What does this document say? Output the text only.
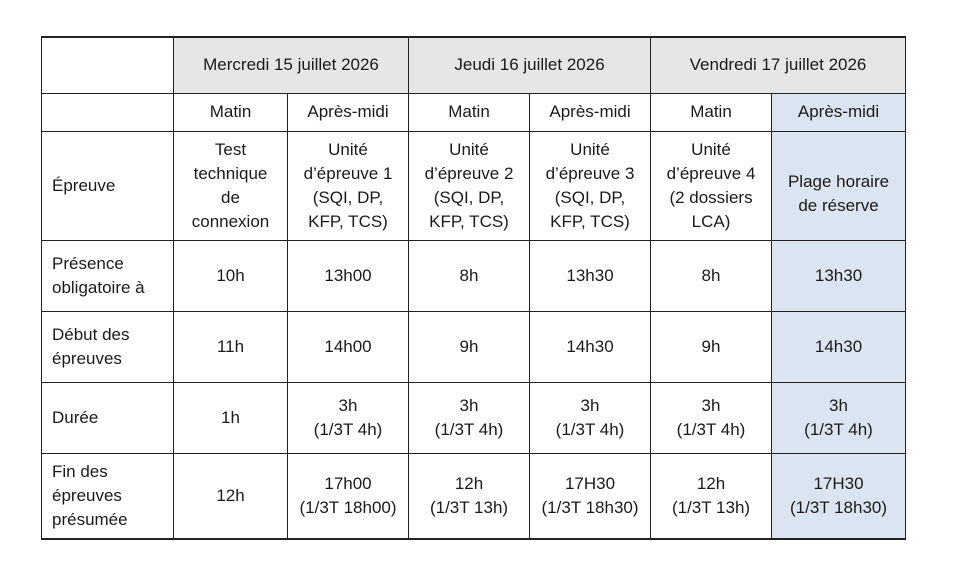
	Mercredi 15 juillet 2026		Jeudi 16 juillet 2026		Vendredi 17 juillet 2026	
	Matin	Après-midi	Matin	Après-midi	Matin	Après-midi
Épreuve	Test
technique
de
connexion	Unité
d’épreuve 1
(SQI, DP,
KFP, TCS)	Unité
d’épreuve 2
(SQI, DP,
KFP, TCS)	Unité
d’épreuve 3
(SQI, DP,
KFP, TCS)	Unité
d’épreuve 4
(2 dossiers
LCA)	Plage horaire
de réserve
Présence
obligatoire à	10h	13h00	8h	13h30	8h	13h30
Début des
épreuves	11h	14h00	9h	14h30	9h	14h30
Durée	1h	3h
(1/3T 4h)	3h
(1/3T 4h)	3h
(1/3T 4h)	3h
(1/3T 4h)	3h
(1/3T 4h)
Fin des
épreuves
présumée	12h	17h00
(1/3T 18h00)	12h
(1/3T 13h)	17H30
(1/3T 18h30)	12h
(1/3T 13h)	17H30
(1/3T 18h30)
